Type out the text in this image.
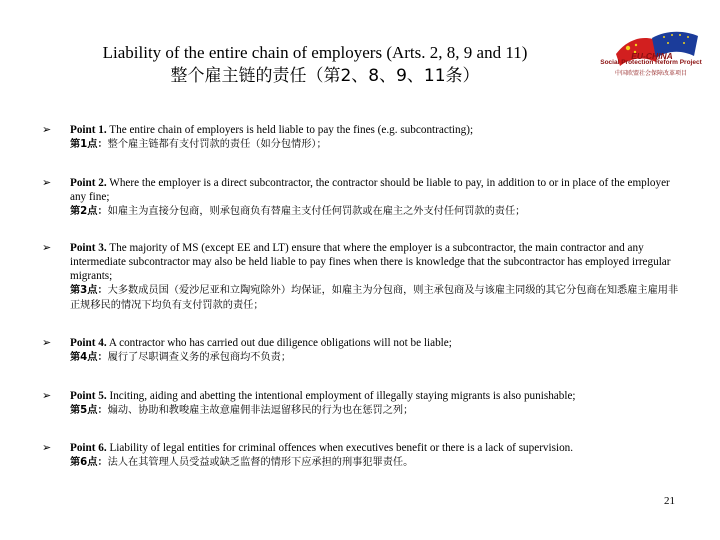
Liability of the entire chain of employers (Arts. 2, 8, 9 and 11)
整个雇主链的责任（第2、8、9、11条）
EU-CHINA
Social Protection Reform Project
中国欧盟社会保障改革项目
➢ Point 1. The entire chain of employers is held liable to pay the fines (e.g. subcontracting);
第1点：整个雇主链都有支付罚款的责任（如分包情形）；
➢ Point 2. Where the employer is a direct subcontractor, the contractor should be liable to pay, in addition to or in place of the employer any fine;
第2点：如雇主为直接分包商，则承包商负有替雇主支付任何罚款或在雇主之外支付任何罚款的责任；
➢ Point 3. The majority of MS (except EE and LT) ensure that where the employer is a subcontractor, the main contractor and any intermediate subcontractor may also be held liable to pay fines when there is knowledge that the subcontractor has employed irregular migrants;
第3点：大多数成员国（爱沙尼亚和立陶宛除外）均保证，如雇主为分包商，则主承包商及与该雇主同级的其它分包商在知悉雇主雇用非正规移民的情况下均负有支付罚款的责任；
➢ Point 4. A contractor who has carried out due diligence obligations will not be liable;
第4点：履行了尽职调查义务的承包商均不负责；
➢ Point 5. Inciting, aiding and abetting the intentional employment of illegally staying migrants is also punishable;
第5点：煽动、协助和教唆雇主故意雇佣非法逗留移民的行为也在惩罚之列；
➢ Point 6. Liability of legal entities for criminal offences when executives benefit or there is a lack of supervision.
第6点：法人在其管理人员受益或缺乏监督的情形下应承担的刑事犯罪责任。
21
